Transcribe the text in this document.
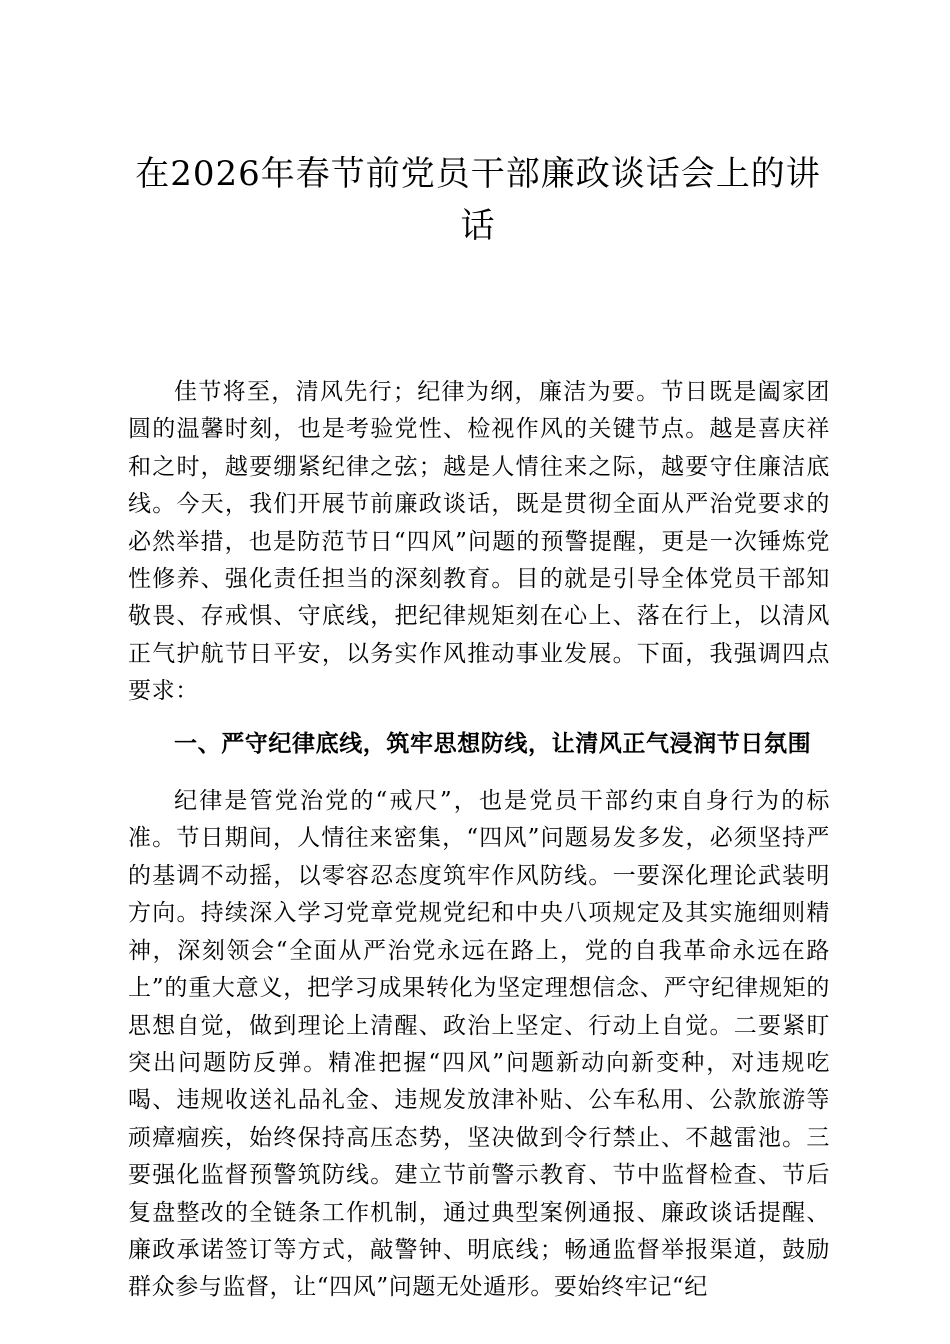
在2026年春节前党员干部廉政谈话会上的讲话

佳节将至，清风先行；纪律为纲，廉洁为要。节日既是阖家团圆的温馨时刻，也是考验党性、检视作风的关键节点。越是喜庆祥和之时，越要绷紧纪律之弦；越是人情往来之际，越要守住廉洁底线。今天，我们开展节前廉政谈话，既是贯彻全面从严治党要求的必然举措，也是防范节日“四风”问题的预警提醒，更是一次锤炼党性修养、强化责任担当的深刻教育。目的就是引导全体党员干部知敬畏、存戒惧、守底线，把纪律规矩刻在心上、落在行上，以清风正气护航节日平安，以务实作风推动事业发展。下面，我强调四点要求：

一、严守纪律底线，筑牢思想防线，让清风正气浸润节日氛围

纪律是管党治党的“戒尺”，也是党员干部约束自身行为的标准。节日期间，人情往来密集，“四风”问题易发多发，必须坚持严的基调不动摇，以零容忍态度筑牢作风防线。一要深化理论武装明方向。持续深入学习党章党规党纪和中央八项规定及其实施细则精神，深刻领会“全面从严治党永远在路上，党的自我革命永远在路上”的重大意义，把学习成果转化为坚定理想信念、严守纪律规矩的思想自觉，做到理论上清醒、政治上坚定、行动上自觉。二要紧盯突出问题防反弹。精准把握“四风”问题新动向新变种，对违规吃喝、违规收送礼品礼金、违规发放津补贴、公车私用、公款旅游等顽瘴痼疾，始终保持高压态势，坚决做到令行禁止、不越雷池。三要强化监督预警筑防线。建立节前警示教育、节中监督检查、节后复盘整改的全链条工作机制，通过典型案例通报、廉政谈话提醒、廉政承诺签订等方式，敲警钟、明底线；畅通监督举报渠道，鼓励群众参与监督，让“四风”问题无处遁形。要始终牢记“纪
